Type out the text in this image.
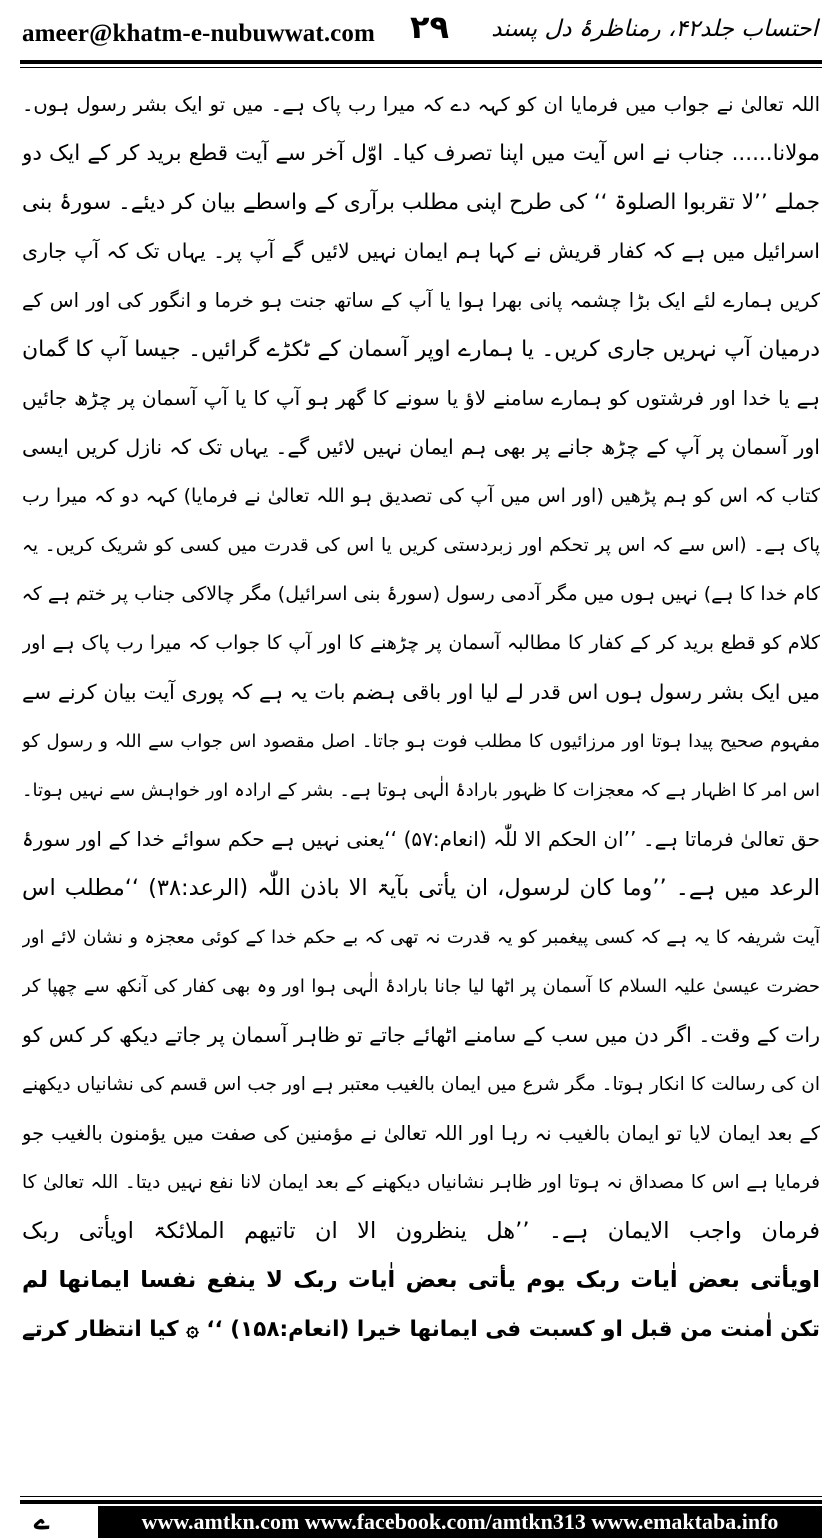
ameer@khatm-e-nubuwwat.com ۲۹ احتساب جلد۴۲، رمناظرۂ دل پسند
اللہ تعالیٰ نے جواب میں فرمایا ان کو کہہ دے کہ میرا رب پاک ہے۔ میں تو ایک بشر رسول ہوں۔
مولانا...... جناب نے اس آیت میں اپنا تصرف کیا۔ اوّل آخر سے آیت قطع برید کر کے ایک دو
جملے ’’لا تقربوا الصلوۃ ‘‘ کی طرح اپنی مطلب برآری کے واسطے بیان کر دیئے۔ سورۂ بنی
اسرائیل میں ہے کہ کفار قریش نے کہا ہم ایمان نہیں لائیں گے آپ پر۔ یہاں تک کہ آپ جاری
کریں ہمارے لئے ایک بڑا چشمہ پانی بھرا ہوا یا آپ کے ساتھ جنت ہو خرما و انگور کی اور اس کے
درمیان آپ نہریں جاری کریں۔ یا ہمارے اوپر آسمان کے ٹکڑے گرائیں۔ جیسا آپ کا گمان
ہے یا خدا اور فرشتوں کو ہمارے سامنے لاؤ یا سونے کا گھر ہو آپ کا یا آپ آسمان پر چڑھ جائیں
اور آسمان پر آپ کے چڑھ جانے پر بھی ہم ایمان نہیں لائیں گے۔ یہاں تک کہ نازل کریں ایسی
کتاب کہ اس کو ہم پڑھیں (اور اس میں آپ کی تصدیق ہو اللہ تعالیٰ نے فرمایا) کہہ دو کہ میرا رب
پاک ہے۔ (اس سے کہ اس پر تحکم اور زبردستی کریں یا اس کی قدرت میں کسی کو شریک کریں۔ یہ
کام خدا کا ہے) نہیں ہوں میں مگر آدمی رسول (سورۂ بنی اسرائیل) مگر چالاکی جناب پر ختم ہے کہ
کلام کو قطع برید کر کے کفار کا مطالبہ آسمان پر چڑھنے کا اور آپ کا جواب کہ میرا رب پاک ہے اور
میں ایک بشر رسول ہوں اس قدر لے لیا اور باقی ہضم بات یہ ہے کہ پوری آیت بیان کرنے سے
مفہوم صحیح پیدا ہوتا اور مرزائیوں کا مطلب فوت ہو جاتا۔ اصل مقصود اس جواب سے اللہ و رسول کو
اس امر کا اظہار ہے کہ معجزات کا ظہور بارادۂ الٰہی ہوتا ہے۔ بشر کے ارادہ اور خواہش سے نہیں ہوتا۔
حق تعالیٰ فرماتا ہے۔ ’’ان الحکم الا للّٰہ (انعام:۵۷) ‘‘یعنی نہیں ہے حکم سوائے خدا کے اور سورۂ
الرعد میں ہے۔ ’’وما کان لرسول، ان یأتی بآیۃ الا باذن اللّٰہ (الرعد:۳۸) ‘‘مطلب اس
آیت شریفہ کا یہ ہے کہ کسی پیغمبر کو یہ قدرت نہ تھی کہ بے حکم خدا کے کوئی معجزہ و نشان لائے اور
حضرت عیسیٰ علیہ السلام کا آسمان پر اٹھا لیا جانا بارادۂ الٰہی ہوا اور وہ بھی کفار کی آنکھ سے چھپا کر
رات کے وقت۔ اگر دن میں سب کے سامنے اٹھائے جاتے تو ظاہر آسمان پر جاتے دیکھ کر کس کو
ان کی رسالت کا انکار ہوتا۔ مگر شرع میں ایمان بالغیب معتبر ہے اور جب اس قسم کی نشانیاں دیکھنے
کے بعد ایمان لایا تو ایمان بالغیب نہ رہا اور اللہ تعالیٰ نے مؤمنین کی صفت میں یؤمنون بالغیب جو
فرمایا ہے اس کا مصداق نہ ہوتا اور ظاہر نشانیاں دیکھنے کے بعد ایمان لانا نفع نہیں دیتا۔ اللہ تعالیٰ کا
فرمان واجب الایمان ہے۔ ’’ھل ینظرون الا ان تاتیھم الملائکۃ اویأتی ربک
اویأتی بعض اٰیات ربک یوم یأتی بعض اٰیات ربک لا ینفع نفسا ایمانھا لم
تکن اٰمنت من قبل او کسبت فی ایمانھا خیرا (انعام:۱۵۸) ‘‘ ۞ کیا انتظار کرتے
ے	www.amtkn.com www.facebook.com/amtkn313 www.emaktaba.info
